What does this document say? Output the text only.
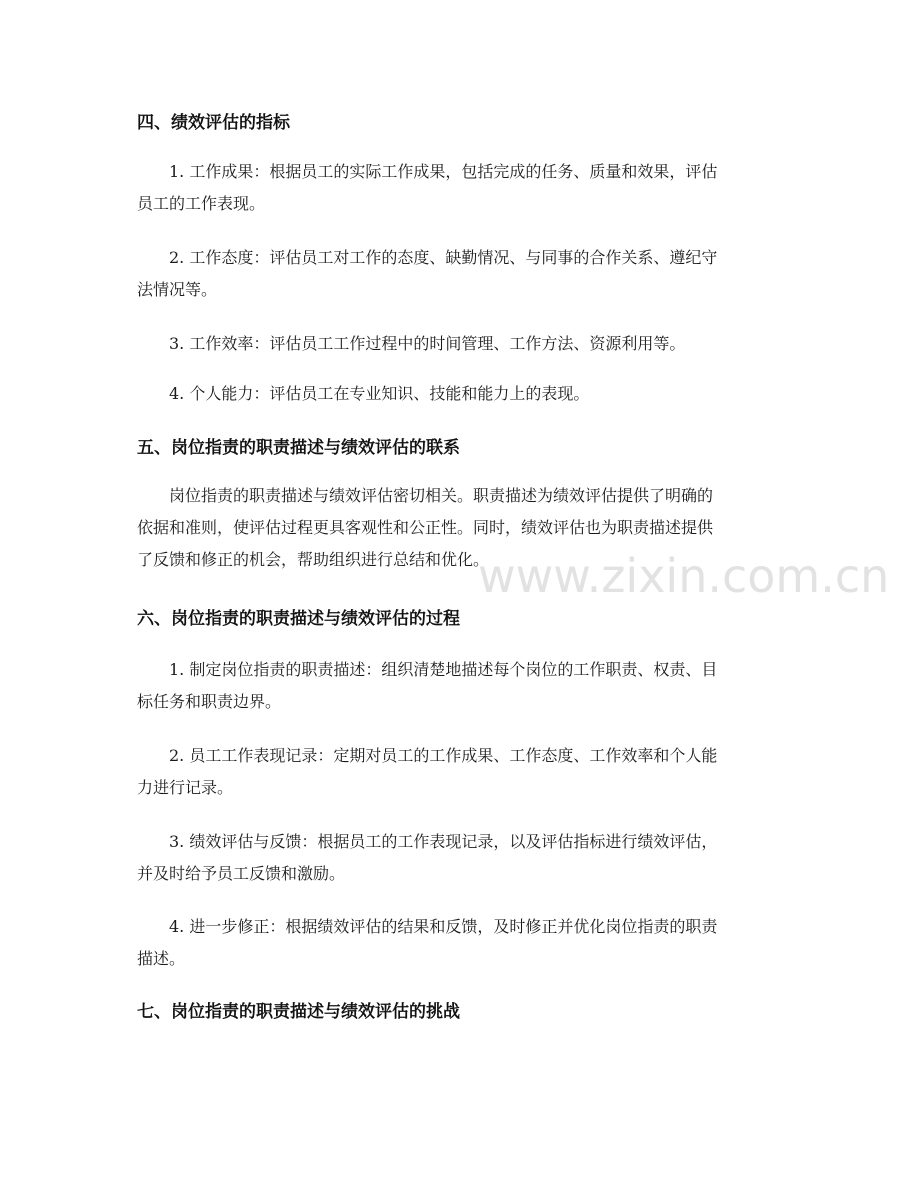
www.zixin.com.cn
四、绩效评估的指标
1. 工作成果：根据员工的实际工作成果，包括完成的任务、质量和效果，评估
员工的工作表现。
2. 工作态度：评估员工对工作的态度、缺勤情况、与同事的合作关系、遵纪守
法情况等。
3. 工作效率：评估员工工作过程中的时间管理、工作方法、资源利用等。
4. 个人能力：评估员工在专业知识、技能和能力上的表现。
五、岗位指责的职责描述与绩效评估的联系
岗位指责的职责描述与绩效评估密切相关。职责描述为绩效评估提供了明确的
依据和准则，使评估过程更具客观性和公正性。同时，绩效评估也为职责描述提供
了反馈和修正的机会，帮助组织进行总结和优化。
六、岗位指责的职责描述与绩效评估的过程
1. 制定岗位指责的职责描述：组织清楚地描述每个岗位的工作职责、权责、目
标任务和职责边界。
2. 员工工作表现记录：定期对员工的工作成果、工作态度、工作效率和个人能
力进行记录。
3. 绩效评估与反馈：根据员工的工作表现记录，以及评估指标进行绩效评估，
并及时给予员工反馈和激励。
4. 进一步修正：根据绩效评估的结果和反馈，及时修正并优化岗位指责的职责
描述。
七、岗位指责的职责描述与绩效评估的挑战
